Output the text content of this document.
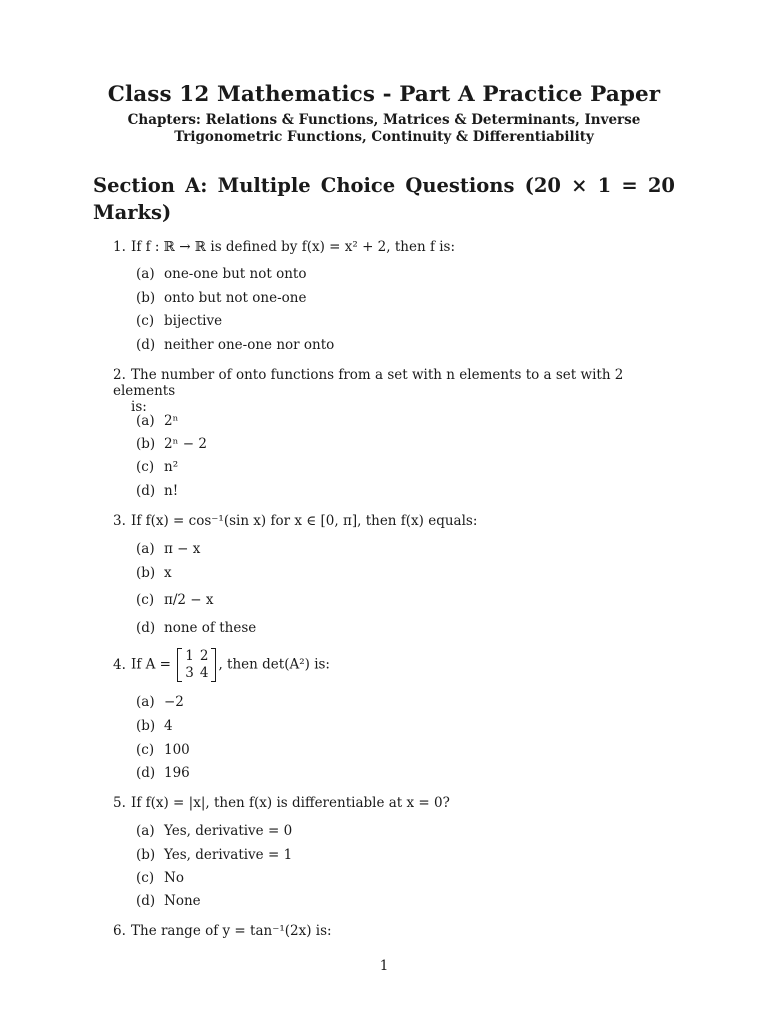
Class 12 Mathematics - Part A Practice Paper
Chapters: Relations & Functions, Matrices & Determinants, Inverse
Trigonometric Functions, Continuity & Differentiability
Section A: Multiple Choice Questions (20 × 1 = 20
Marks)
1. If f : ℝ → ℝ is defined by f(x) = x² + 2, then f is:
(a) one-one but not onto
(b) onto but not one-one
(c) bijective
(d) neither one-one nor onto
2. The number of onto functions from a set with n elements to a set with 2 elements
is:
(a) 2ⁿ
(b) 2ⁿ − 2
(c) n²
(d) n!
3. If f(x) = cos⁻¹(sin x) for x ∈ [0, π], then f(x) equals:
(a) π − x
(b) x
(c) π/2 − x
(d) none of these
4. If A =
1	2
3	4
, then det(A²) is:
(a) −2
(b) 4
(c) 100
(d) 196
5. If f(x) = |x|, then f(x) is differentiable at x = 0?
(a) Yes, derivative = 0
(b) Yes, derivative = 1
(c) No
(d) None
6. The range of y = tan⁻¹(2x) is:
1
